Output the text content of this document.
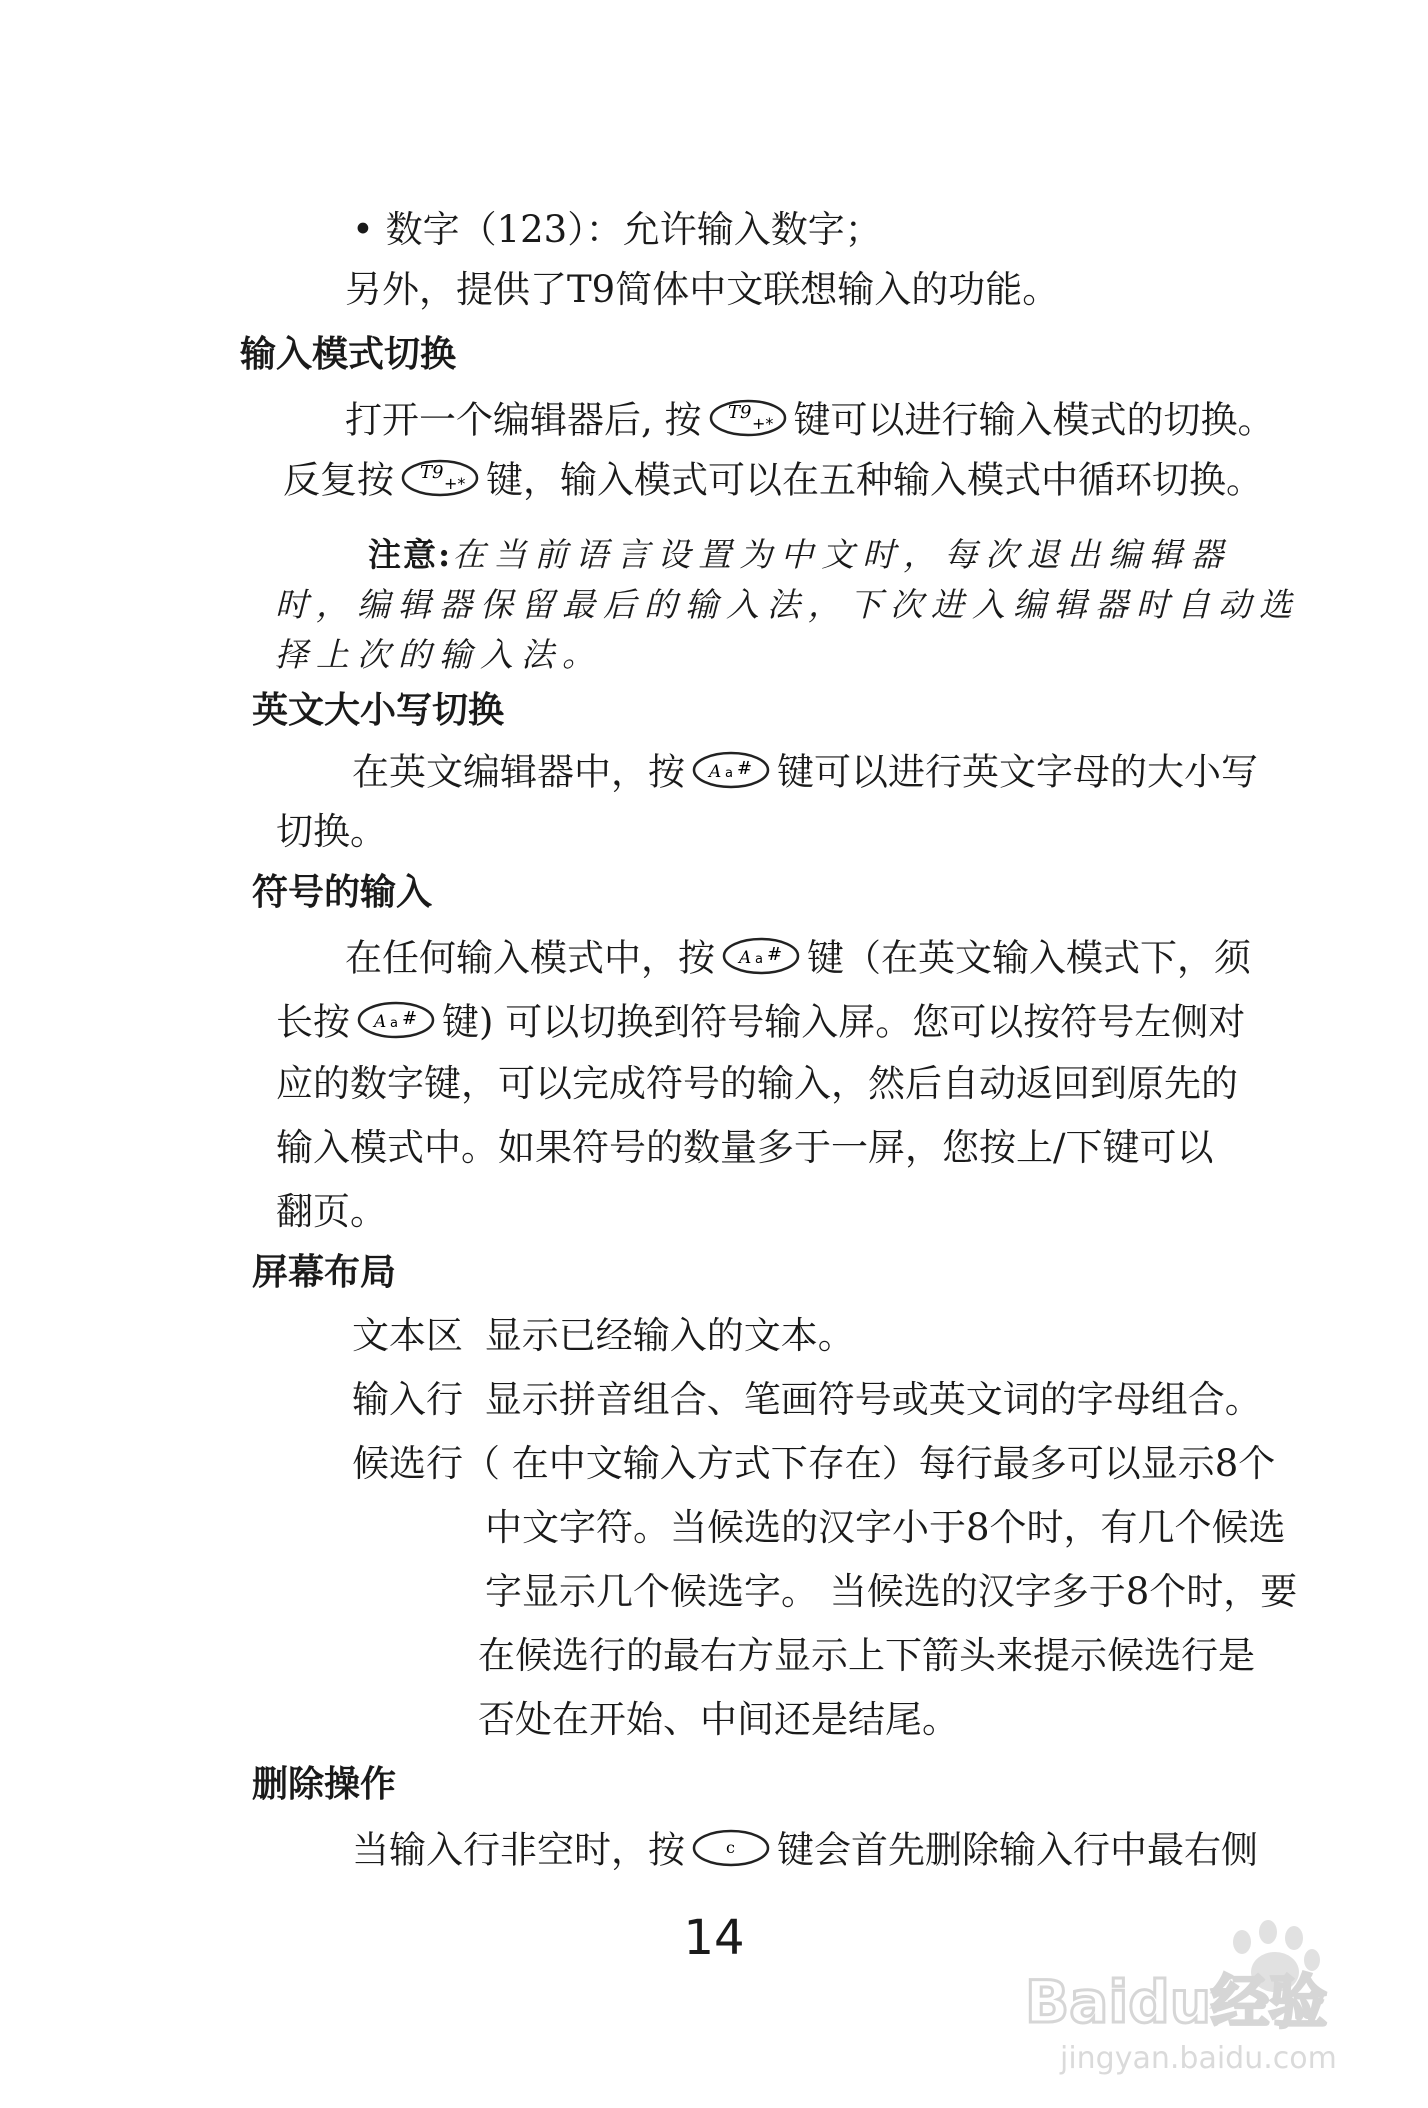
• 数字（123）：允许输入数字；
另外，提供了T9简体中文联想输入的功能。
输入模式切换
打开一个编辑器后, 按 T9
+* 键可以进行输入模式的切换。
反复按 T9
+* 键，输入模式可以在五种输入模式中循环切换。
注意:在当前语言设置为中文时，每次退出编辑器
时，编辑器保留最后的输入法，下次进入编辑器时自动选
择上次的输入法。
英文大小写切换
在英文编辑器中，按 A a # 键可以进行英文字母的大小写
切换。
符号的输入
在任何输入模式中，按 A a # 键（在英文输入模式下，须
长按 A a # 键) 可以切换到符号输入屏。您可以按符号左侧对
应的数字键，可以完成符号的输入，然后自动返回到原先的
输入模式中。如果符号的数量多于一屏，您按上/下键可以
翻页。
屏幕布局
文本区 显示已经输入的文本。
输入行 显示拼音组合、笔画符号或英文词的字母组合。
候选行（ 在中文输入方式下存在）每行最多可以显示8个
中文字符。当候选的汉字小于8个时，有几个候选
字显示几个候选字。 当候选的汉字多于8个时，要
在候选行的最右方显示上下箭头来提示候选行是
否处在开始、中间还是结尾。
删除操作
当输入行非空时，按	c 键会首先删除输入行中最右侧
14
Baidu经验
jingyan.baidu.com
